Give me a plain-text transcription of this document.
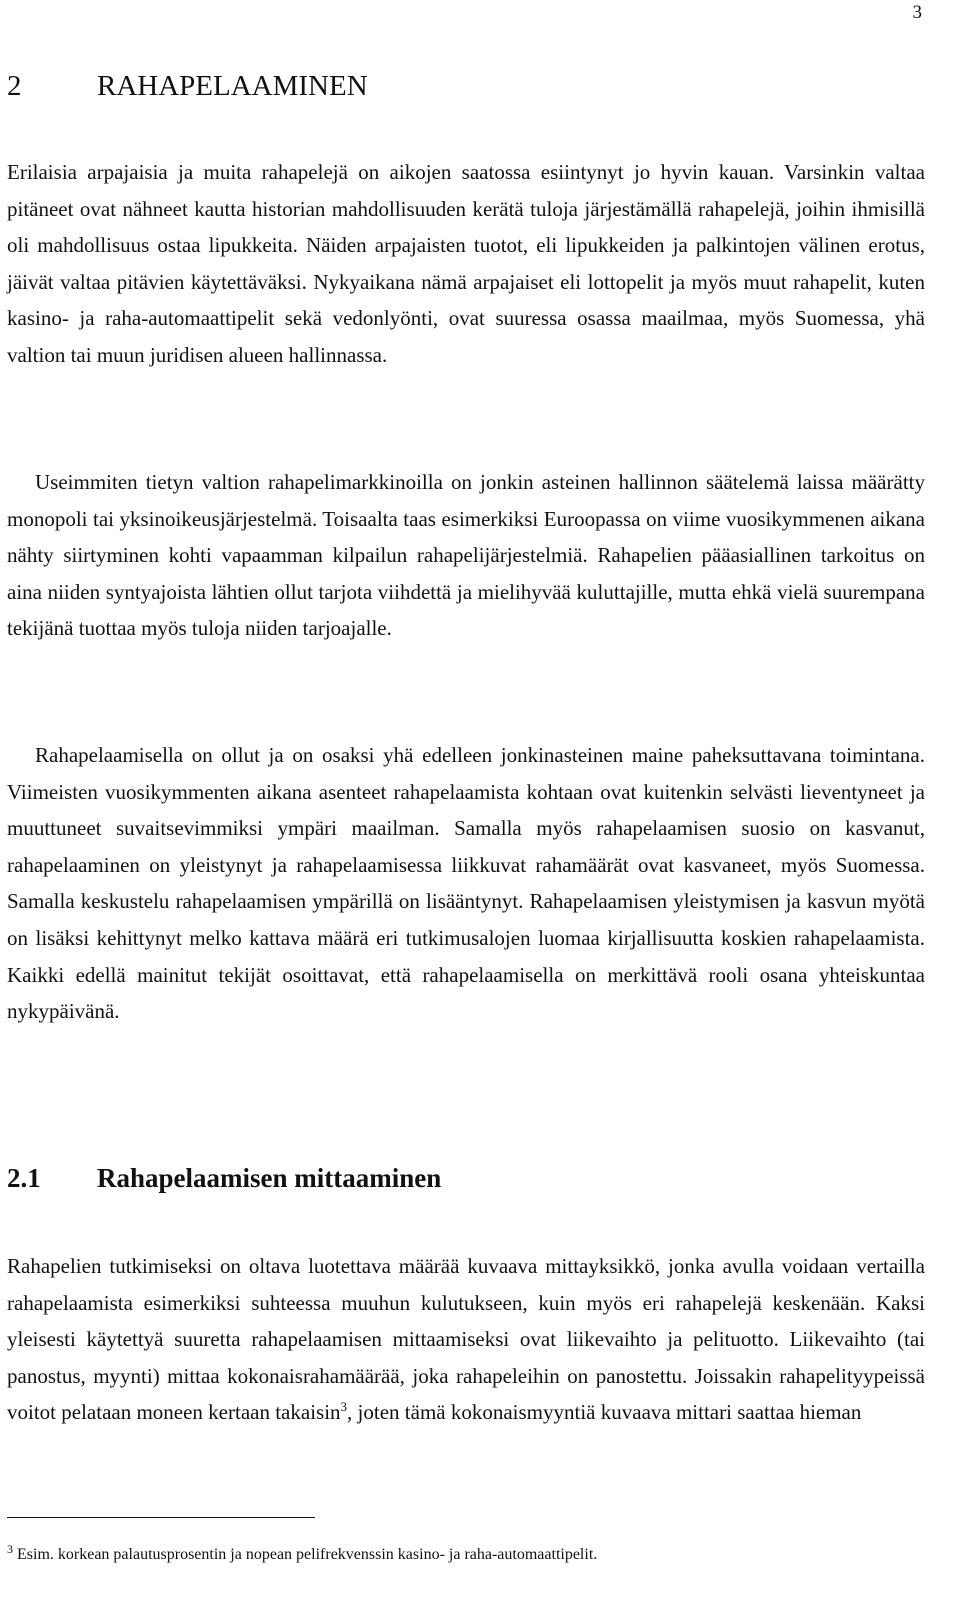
3
2	RAHAPELAAMINEN

Erilaisia arpajaisia ja muita rahapelejä on aikojen saatossa esiintynyt jo hyvin kauan. Varsinkin valtaa pitäneet ovat nähneet kautta historian mahdollisuuden kerätä tuloja järjestämällä rahapelejä, joihin ihmisillä oli mahdollisuus ostaa lipukkeita. Näiden arpajaisten tuotot, eli lipukkeiden ja palkintojen välinen erotus, jäivät valtaa pitävien käytettäväksi. Nykyaikana nämä arpajaiset eli lottopelit ja myös muut rahapelit, kuten kasino- ja raha-automaattipelit sekä vedonlyönti, ovat suuressa osassa maailmaa, myös Suomessa, yhä valtion tai muun juridisen alueen hallinnassa.

Useimmiten tietyn valtion rahapelimarkkinoilla on jonkin asteinen hallinnon säätelemä laissa määrätty monopoli tai yksinoikeusjärjestelmä. Toisaalta taas esimerkiksi Euroopassa on viime vuosikymmenen aikana nähty siirtyminen kohti vapaamman kilpailun rahapelijärjestelmiä. Rahapelien pääasiallinen tarkoitus on aina niiden syntyajoista lähtien ollut tarjota viihdettä ja mielihyvää kuluttajille, mutta ehkä vielä suurempana tekijänä tuottaa myös tuloja niiden tarjoajalle.

Rahapelaamisella on ollut ja on osaksi yhä edelleen jonkinasteinen maine paheksuttavana toimintana. Viimeisten vuosikymmenten aikana asenteet rahapelaamista kohtaan ovat kuitenkin selvästi lieventyneet ja muuttuneet suvaitsevimmiksi ympäri maailman. Samalla myös rahapelaamisen suosio on kasvanut, rahapelaaminen on yleistynyt ja rahapelaamisessa liikkuvat rahamäärät ovat kasvaneet, myös Suomessa. Samalla keskustelu rahapelaamisen ympärillä on lisääntynyt. Rahapelaamisen yleistymisen ja kasvun myötä on lisäksi kehittynyt melko kattava määrä eri tutkimusalojen luomaa kirjallisuutta koskien rahapelaamista. Kaikki edellä mainitut tekijät osoittavat, että rahapelaamisella on merkittävä rooli osana yhteiskuntaa nykypäivänä.

2.1 Rahapelaamisen mittaaminen

Rahapelien tutkimiseksi on oltava luotettava määrää kuvaava mittayksikkö, jonka avulla voidaan vertailla rahapelaamista esimerkiksi suhteessa muuhun kulutukseen, kuin myös eri rahapelejä keskenään. Kaksi yleisesti käytettyä suuretta rahapelaamisen mittaamiseksi ovat liikevaihto ja pelituotto. Liikevaihto (tai panostus, myynti) mittaa kokonaisrahamäärää, joka rahapeleihin on panostettu. Joissakin rahapelityypeissä voitot pelataan moneen kertaan takaisin$^3$, joten tämä kokonaismyyntiä kuvaava mittari saattaa hieman

$^3$ Esim. korkean palautusprosentin ja nopean pelifrekvenssin kasino- ja raha-automaattipelit.
